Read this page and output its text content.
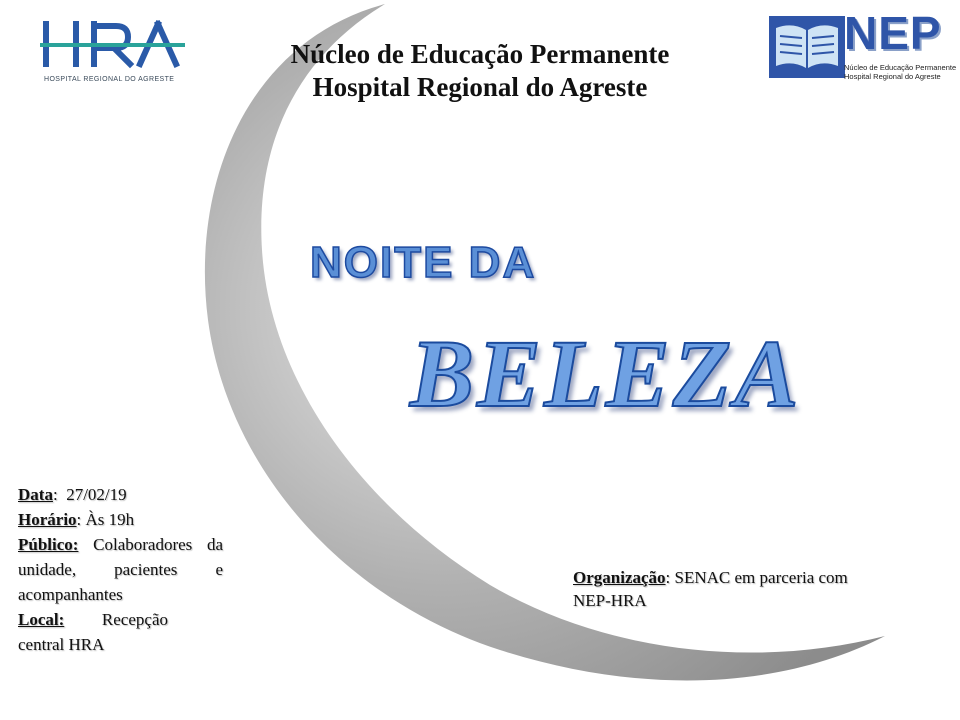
HOSPITAL REGIONAL DO AGRESTE
NEP
Núcleo de Educação Permanente
Hospital Regional do Agreste
Núcleo de Educação Permanente
Hospital Regional do Agreste
NOITE DA
BELEZA
Data:  27/02/19
Horário: Às 19h
Público: Colaboradores da unidade, pacientes e acompanhantes
Local: Recepção central HRA
Organização: SENAC em parceria com NEP-HRA
